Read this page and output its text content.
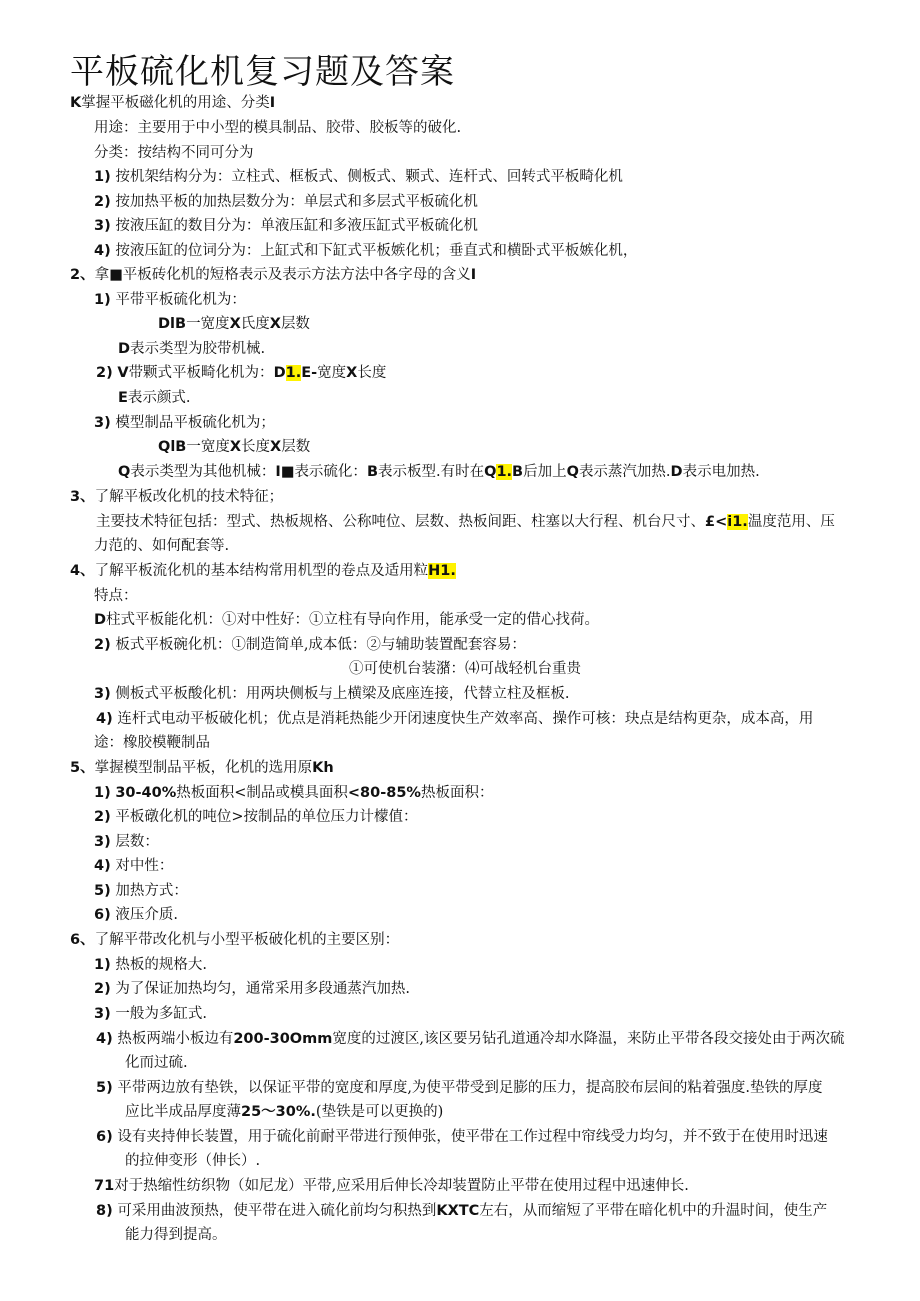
平板硫化机复习题及答案
K掌握平板磁化机的用途、分类I
用途：主要用于中小型的模具制品、胶带、胶板等的破化.
分类：按结构不同可分为
1) 按机架结构分为：立柱式、框板式、侧板式、颗式、连杆式、回转式平板畸化机
2) 按加热平板的加热层数分为：单层式和多层式平板硫化机
3) 按液压缸的数目分为：单液压缸和多液压缸式平板硫化机
4) 按液压缸的位词分为：上缸式和下缸式平板嫉化机；垂直式和横卧式平板嫉化机，
2、拿■平板砖化机的短格表示及表示方法方法中各字母的含义I
1) 平带平板硫化机为：
DlB一宽度X氏度X层数
D表示类型为胶带机械.
2) V带颗式平板畸化机为：D1.E-宽度X长度
E表示颜式.
3) 模型制品平板硫化机为；
QlB一宽度X长度X层数
Q表示类型为其他机械：I■表示硫化：B表示板型.有时在Q1.B后加上Q表示蒸汽加热.D表示电加热.
3、了解平板改化机的技术特征；
主要技术特征包括：型式、热板规格、公称吨位、层数、热板间距、柱塞以大行程、机台尺寸、£<i1.温度范用、压
力范的、如何配套等.
4、了解平板流化机的基本结构常用机型的卷点及适用粒H1.
特点：
D柱式平板能化机：①对中性好：①立柱有导向作用，能承受一定的借心找荷。
2) 板式平板碗化机：①制造简单,成本低：②与辅助装置配套容易：
①可使机台装潴：⑷可战轻机台重贵
3) 侧板式平板酸化机：用两块侧板与上横梁及底座连接，代替立柱及框板.
4) 连杆式电动平板破化机；优点是消耗热能少开闭速度快生产效率高、操作可核：玦点是结构更杂，成本高，用
途：橡胶模鞭制品
5、掌握模型制品平板，化机的选用原Kh
1) 30-40%热板面积<制品或模具面积<80-85%热板面积：
2) 平板礅化机的吨位>按制品的单位压力计檬值：
3) 层数：
4) 对中性：
5) 加热方式：
6) 液压介质.
6、了解平带改化机与小型平板破化机的主要区别：
1) 热板的规格大.
2) 为了保证加热均匀，通常采用多段通蒸汽加热.
3) 一般为多缸式.
4) 热板两端小板边有200-30Omm宽度的过渡区,该区要另钻孔道通冷却水降温，来防止平带各段交接处由于两次硫
化而过硫.
5) 平带两边放有垫铁，以保证平带的宽度和厚度,为使平带受到足膨的压力，提高胶布层间的粘着强度.垫铁的厚度
应比半成品厚度薄25〜30%.(垫铁是可以更换的)
6) 设有夹持伸长装置，用于硫化前耐平带进行预伸张，使平带在工作过程中帘线受力均匀，并不致于在使用时迅速
的拉伸变形（伸长）.
71对于热缩性纺织物（如尼龙）平带,应采用后伸长冷却装置防止平带在使用过程中迅速伸长.
8) 可采用曲波预热，使平带在进入硫化前均匀积热到KXTC左右，从而缩短了平带在暗化机中的升温时间，使生产
能力得到提高。
